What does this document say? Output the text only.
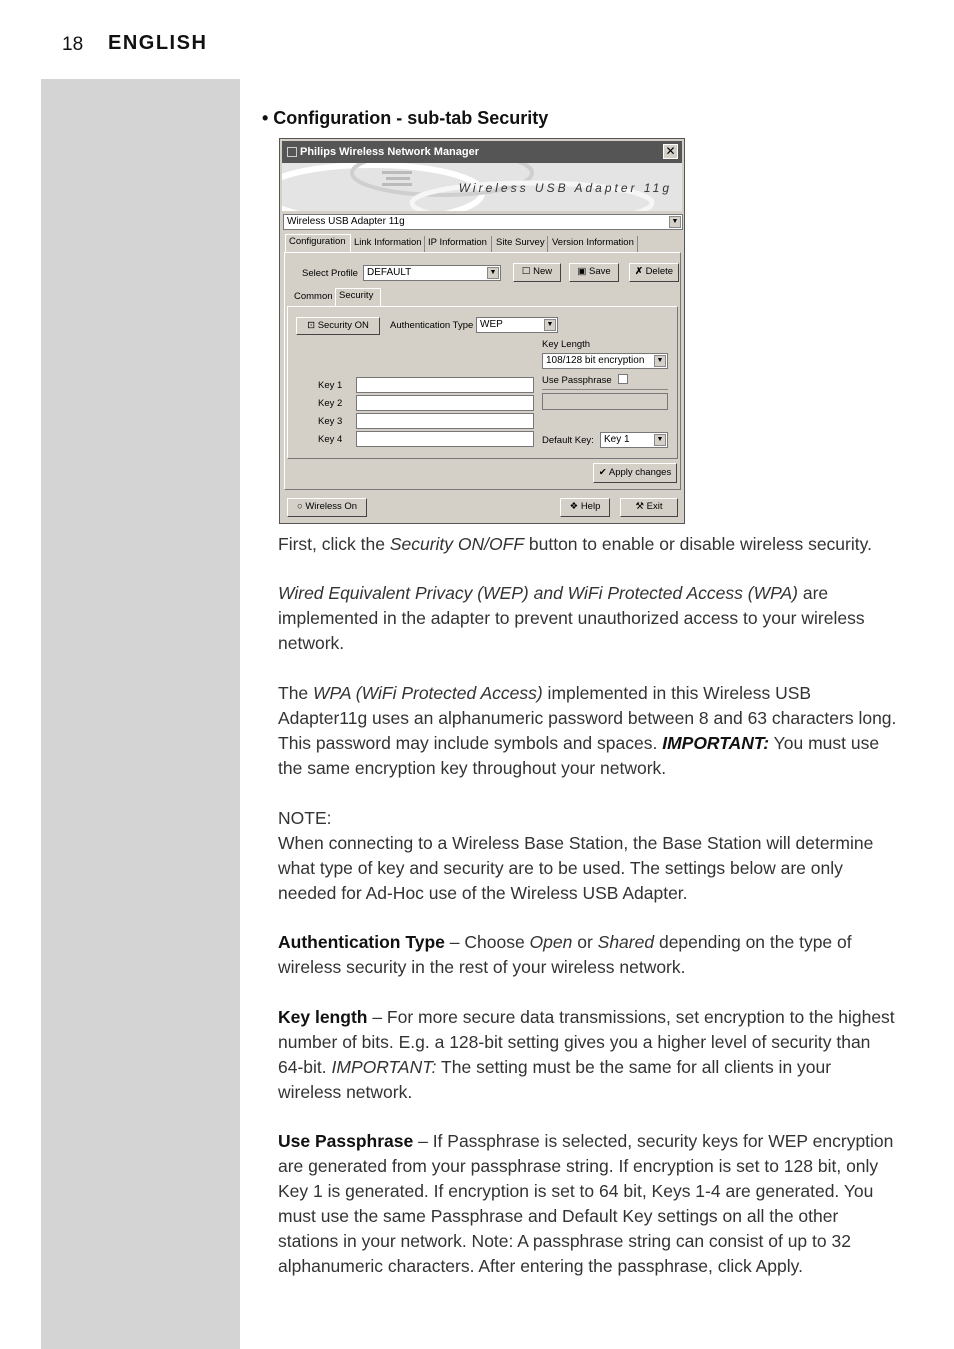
18 ENGLISH
• Configuration - sub-tab Security
Philips Wireless Network Manager	✕
Wireless USB Adapter 11g
Wireless USB Adapter 11g	▼
Configuration Link Information IP Information Site Survey Version Information
Select Profile DEFAULT	▼	☐ New	▣ Save	✗ Delete
Common Security
⊡ Security ON	Authentication Type WEP	▼
Key Length
108/128 bit encryption	▼
Use Passphrase
Key 1
Key 2
Key 3
Key 4	Default Key:	Key 1	▼
✔ Apply changes
○ Wireless On	❖ Help	⚒ Exit
First, click the Security ON/OFF button to enable or disable wireless security.
Wired Equivalent Privacy (WEP) and WiFi Protected Access (WPA) are implemented in the adapter to prevent unauthorized access to your wireless network.
The WPA (WiFi Protected Access) implemented in this Wireless USB Adapter11g uses an alphanumeric password between 8 and 63 characters long. This password may include symbols and spaces. IMPORTANT: You must use the same encryption key throughout your network.
NOTE:
When connecting to a Wireless Base Station, the Base Station will determine what type of key and security are to be used. The settings below are only needed for Ad-Hoc use of the Wireless USB Adapter.
Authentication Type – Choose Open or Shared depending on the type of wireless security in the rest of your wireless network.
Key length – For more secure data transmissions, set encryption to the highest number of bits. E.g. a 128-bit setting gives you a higher level of security than 64-bit. IMPORTANT: The setting must be the same for all clients in your wireless network.
Use Passphrase – If Passphrase is selected, security keys for WEP encryption are generated from your passphrase string. If encryption is set to 128 bit, only Key 1 is generated. If encryption is set to 64 bit, Keys 1-4 are generated. You must use the same Passphrase and Default Key settings on all the other stations in your network. Note: A passphrase string can consist of up to 32 alphanumeric characters. After entering the passphrase, click Apply.
